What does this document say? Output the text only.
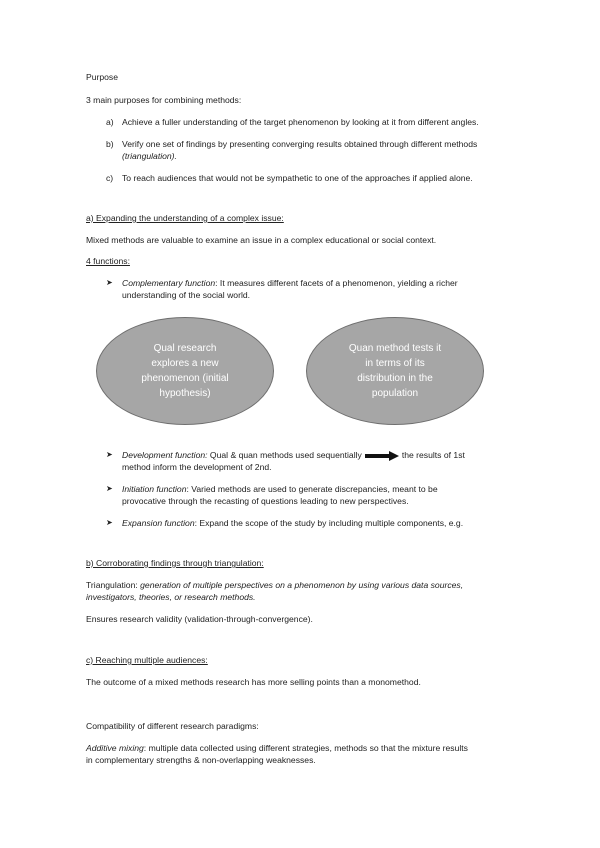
Purpose
3 main purposes for combining methods:
a) Achieve a fuller understanding of the target phenomenon by looking at it from different angles.
b) Verify one set of findings by presenting converging results obtained through different methods
(triangulation).
c) To reach audiences that would not be sympathetic to one of the approaches if applied alone.
a) Expanding the understanding of a complex issue:
Mixed methods are valuable to examine an issue in a complex educational or social context.
4 functions:
➤ Complementary function: It measures different facets of a phenomenon, yielding a richer
understanding of the social world.
Qual research
explores a new
phenomenon (initial
hypothesis)
Quan method tests it
in terms of its
distribution in the
population
➤ Development function: Qual & quan methods used sequentially	the results of 1st
method inform the development of 2nd.
➤ Initiation function: Varied methods are used to generate discrepancies, meant to be
provocative through the recasting of questions leading to new perspectives.
➤ Expansion function: Expand the scope of the study by including multiple components, e.g.
b) Corroborating findings through triangulation:
Triangulation: generation of multiple perspectives on a phenomenon by using various data sources,
investigators, theories, or research methods.
Ensures research validity (validation-through-convergence).
c) Reaching multiple audiences:
The outcome of a mixed methods research has more selling points than a monomethod.
Compatibility of different research paradigms:
Additive mixing: multiple data collected using different strategies, methods so that the mixture results
in complementary strengths & non-overlapping weaknesses.
